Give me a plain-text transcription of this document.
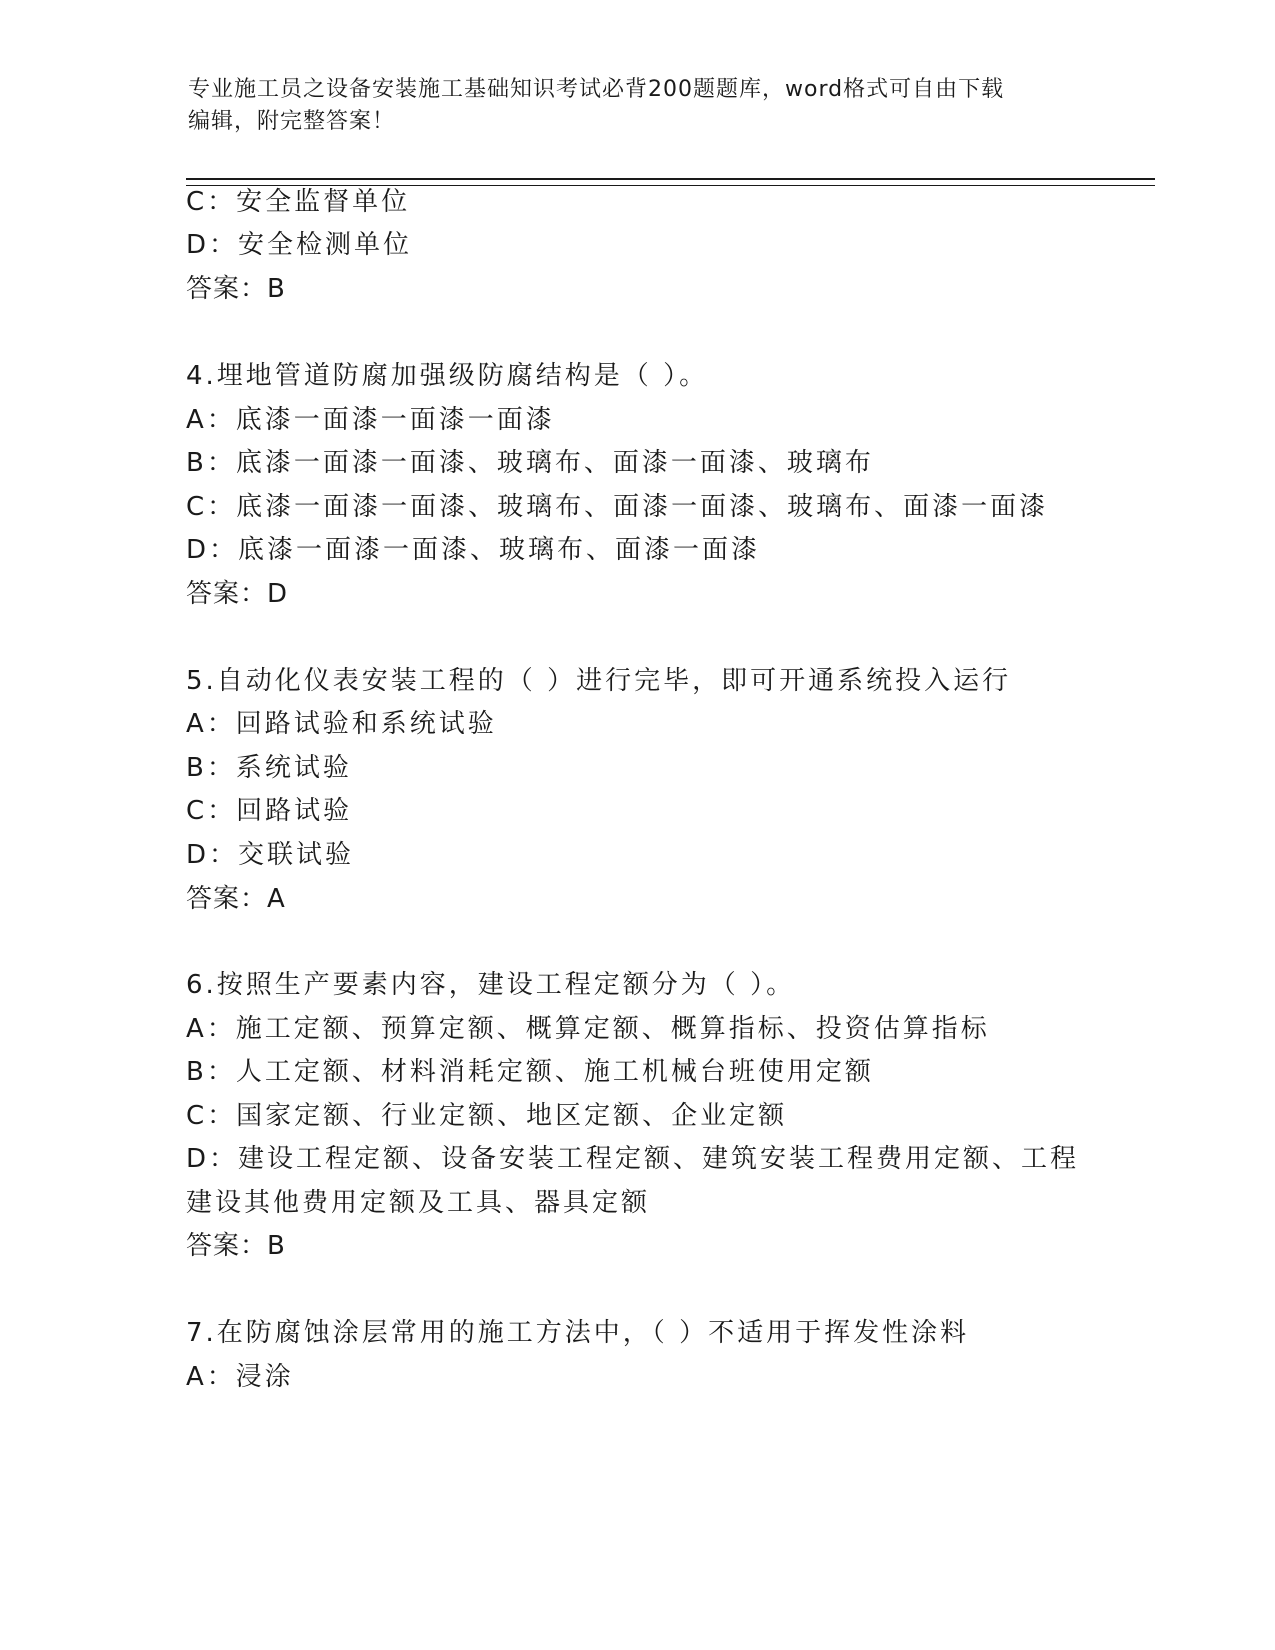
专业施工员之设备安装施工基础知识考试必背200题题库，word格式可自由下载
编辑，附完整答案！
C：安全监督单位
D：安全检测单位
答案：B
4.埋地管道防腐加强级防腐结构是（ ）。
A：底漆一面漆一面漆一面漆
B：底漆一面漆一面漆、玻璃布、面漆一面漆、玻璃布
C：底漆一面漆一面漆、玻璃布、面漆一面漆、玻璃布、面漆一面漆
D：底漆一面漆一面漆、玻璃布、面漆一面漆
答案：D
5.自动化仪表安装工程的（ ）进行完毕，即可开通系统投入运行
A：回路试验和系统试验
B：系统试验
C：回路试验
D：交联试验
答案：A
6.按照生产要素内容，建设工程定额分为（ ）。
A：施工定额、预算定额、概算定额、概算指标、投资估算指标
B：人工定额、材料消耗定额、施工机械台班使用定额
C：国家定额、行业定额、地区定额、企业定额
D：建设工程定额、设备安装工程定额、建筑安装工程费用定额、工程
建设其他费用定额及工具、器具定额
答案：B
7.在防腐蚀涂层常用的施工方法中，（ ）不适用于挥发性涂料
A：浸涂
